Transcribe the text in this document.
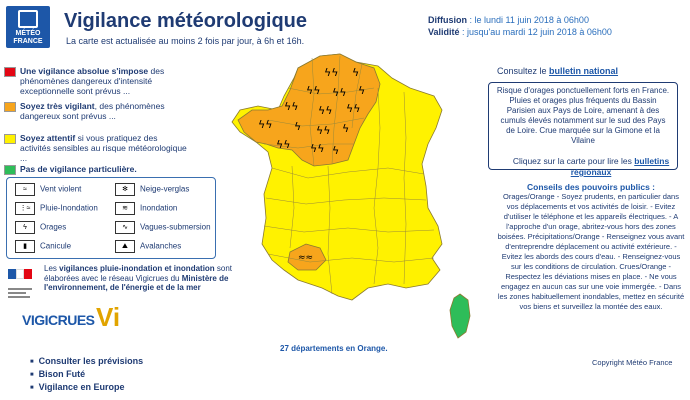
MÉTÉO
FRANCE
Vigilance météorologique
La carte est actualisée au moins 2 fois par jour, à 6h et 16h.
Diffusion : le lundi 11 juin 2018 à 06h00
Validité : jusqu'au mardi 12 juin 2018 à 06h00
Une vigilance absolue s'impose des phénomènes dangereux d'intensité exceptionnelle sont prévus ...
Soyez très vigilant, des phénomènes dangereux sont prévus ...
Soyez attentif si vous pratiquez des activités sensibles au risque météorologique ...
Pas de vigilance particulière.
≈ Vent violent	✻ Neige-verglas
⋮≈ Pluie-Inondation	≋ Inondation
ϟ Orages	∿ Vagues-submersion
▮ Canicule	⛰ Avalanches
Les vigilances pluie-inondation et inondation sont élaborées avec le réseau Vigicrues du Ministère de l'environnement, de l'énergie et de la mer
VIGICRUES Vi
■ Consulter les prévisions
■ Bison Futé
■ Vigilance en Europe
ϟϟ ϟ
ϟϟ ϟϟ ϟ
ϟϟ ϟϟ ϟϟ
ϟϟ ϟ ϟϟ ϟ
ϟϟ ϟϟ ϟ
≈≈
27 départements en Orange.
Consultez le bulletin national
Risque d'orages ponctuellement forts en France. Pluies et orages plus fréquents du Bassin Parisien aux Pays de Loire, amenant à des cumuls élevés notamment sur le sud des Pays de Loire. Crue marquée sur la Gimone et la Vilaine
Cliquez sur la carte pour lire les bulletins régionaux
Conseils des pouvoirs publics :
Orages/Orange - Soyez prudents, en particulier dans vos déplacements et vos activités de loisir. - Evitez d'utiliser le téléphone et les appareils électriques. - A l'approche d'un orage, abritez-vous hors des zones boisées. Précipitations/Orange - Renseignez vous avant d'entreprendre déplacement ou activité extérieure. - Evitez les abords des cours d'eau. - Renseignez-vous sur les conditions de circulation. Crues/Orange - Respectez les déviations mises en place. - Ne vous engagez en aucun cas sur une voie immergée. - Dans les zones habituellement inondables, mettez en sécurité vos biens et surveillez la montée des eaux.
Copyright Météo France
